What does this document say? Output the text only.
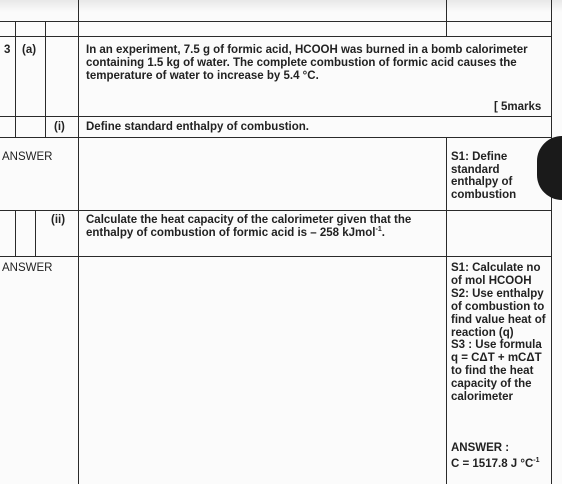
3 (a)	In an experiment, 7.5 g of formic acid, HCOOH was burned in a bomb calorimeter containing 1.5 kg of water. The complete combustion of formic acid causes the temperature of water to increase by 5.4 °C.
[ 5marks
(i) Define standard enthalpy of combustion.
ANSWER	S1: Define
standard
enthalpy of
combustion
(ii) Calculate the heat capacity of the calorimeter given that the enthalpy of combustion of formic acid is – 258 kJmol$^{-1}$.
ANSWER	S1: Calculate no
of mol HCOOH
S2: Use enthalpy
of combustion to
find value heat of
reaction (q)
S3 : Use formula
q = CΔT + mCΔT
to find the heat
capacity of the
calorimeter
ANSWER :
C = 1517.8 J $^\circ C^{-1}$
